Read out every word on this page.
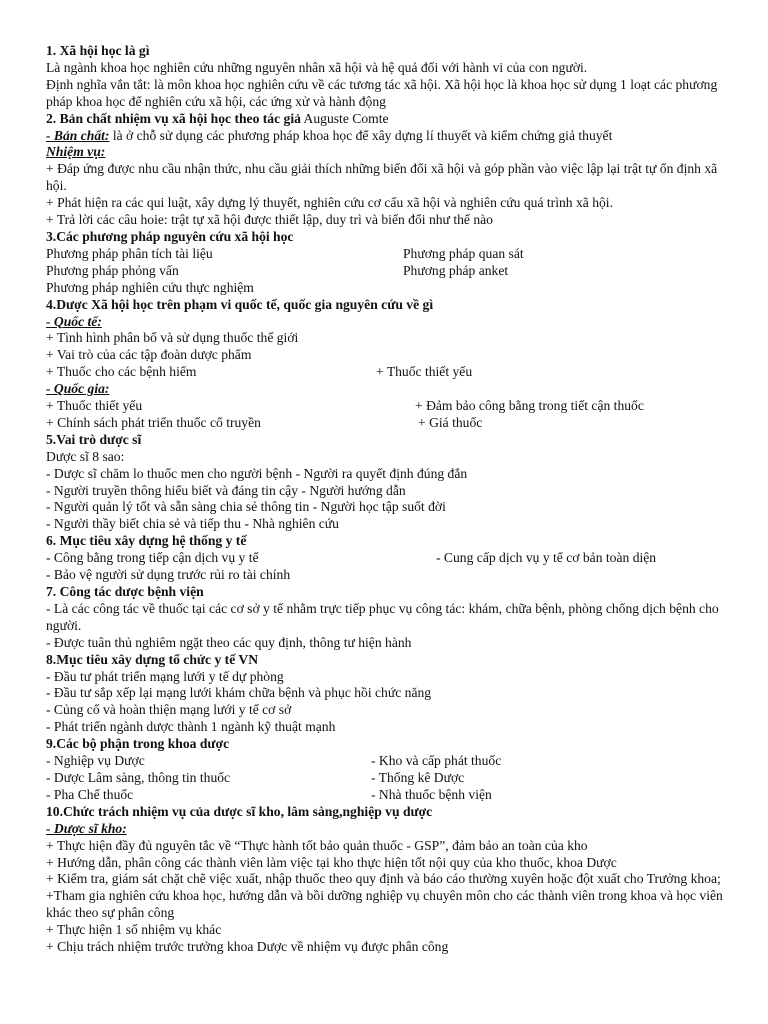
1. Xã hội học là gì
Là ngành khoa học nghiên cứu những nguyên nhân xã hội và hệ quả đối với hành vi của con người.
Định nghĩa vắn tắt: là môn khoa học nghiên cứu về các tương tác xã hội. Xã hội học là khoa học sử dụng 1 loạt các phương pháp khoa học để nghiên cứu xã hội, các ứng xử và hành động
2. Bản chất nhiệm vụ xã hội học theo tác giả Auguste Comte
- Bản chất: là ở chỗ sử dụng các phương pháp khoa học để xây dựng lí thuyết và kiểm chứng giả thuyết
Nhiệm vụ:
+ Đáp ứng được nhu cầu nhận thức, nhu cầu giải thích những biến đổi xã hội và góp phần vào việc lập lại trật tự ổn định xã hội.
+ Phát hiện ra các qui luật, xây dựng lý thuyết, nghiên cứu cơ cấu xã hội và nghiên cứu quá trình xã hội.
+ Trả lời các câu hoie: trật tự xã hội được thiết lập, duy trì và biến đổi như thế nào
3.Các phương pháp nguyên cứu xã hội học
Phương pháp phân tích tài liệu	Phương pháp quan sát
Phương pháp phỏng vấn	Phương pháp anket
Phương pháp nghiên cứu thực nghiệm
4.Dược Xã hội học trên phạm vi quốc tế, quốc gia nguyên cứu về gì
- Quốc tế:
+ Tình hình phân bố và sử dụng thuốc thế giới
+ Vai trò của các tập đoàn dược phẩm
+ Thuốc cho các bệnh hiếm	+ Thuốc thiết yếu
- Quốc gia:
+ Thuốc thiết yếu	+ Đảm bảo công bằng trong tiết cận thuốc
+ Chính sách phát triển thuốc cổ truyền	+ Giá thuốc
5.Vai trò dược sĩ
Dược sĩ 8 sao:
- Dược sĩ chăm lo thuốc men cho người bệnh - Người ra quyết định đúng đắn
- Người truyền thông hiểu biết và đáng tin cậy - Người hướng dẫn
- Người quản lý tốt và sẵn sàng chia sẻ thông tin - Người học tập suốt đời
- Người thầy biết chia sẻ và tiếp thu - Nhà nghiên cứu
6. Mục tiêu xây dựng hệ thống y tế
- Công bằng trong tiếp cận dịch vụ y tế	- Cung cấp dịch vụ y tế cơ bản toàn diện
- Bảo vệ người sử dụng trước rủi ro tài chính
7. Công tác dược bệnh viện
- Là các công tác về thuốc tại các cơ sở y tế nhằm trực tiếp phục vụ công tác: khám, chữa bệnh, phòng chống dịch bệnh cho người.
- Được tuân thủ nghiêm ngặt theo các quy định, thông tư hiện hành
8.Mục tiêu xây dựng tổ chức y tế VN
- Đầu tư phát triển mạng lưới y tế dự phòng
- Đầu tư sắp xếp lại mạng lưới khám chữa bệnh và phục hồi chức năng
- Củng cố và hoàn thiện mạng lưới y tế cơ sở
- Phát triển ngành dược thành 1 ngành kỹ thuật mạnh
9.Các bộ phận trong khoa dược
- Nghiệp vụ Dược	- Kho và cấp phát thuốc
- Dược Lâm sàng, thông tin thuốc	- Thống kê Dược
- Pha Chế thuốc	- Nhà thuốc bệnh viện
10.Chức trách nhiệm vụ của dược sĩ kho, lâm sàng,nghiệp vụ dược
- Dược sĩ kho:
+ Thực hiện đầy đủ nguyên tắc về “Thực hành tốt bảo quản thuốc - GSP”, đảm bảo an toàn của kho
+ Hướng dẫn, phân công các thành viên làm việc tại kho thực hiện tốt nội quy của kho thuốc, khoa Dược
+ Kiểm tra, giám sát chặt chẽ việc xuất, nhập thuốc theo quy định và báo cáo thường xuyên hoặc đột xuất cho Trưởng khoa;
+Tham gia nghiên cứu khoa học, hướng dẫn và bồi dưỡng nghiệp vụ chuyên môn cho các thành viên trong khoa và học viên khác theo sự phân công
+ Thực hiện 1 số nhiệm vụ khác
+ Chịu trách nhiệm trước trưởng khoa Dược về nhiệm vụ được phân công
